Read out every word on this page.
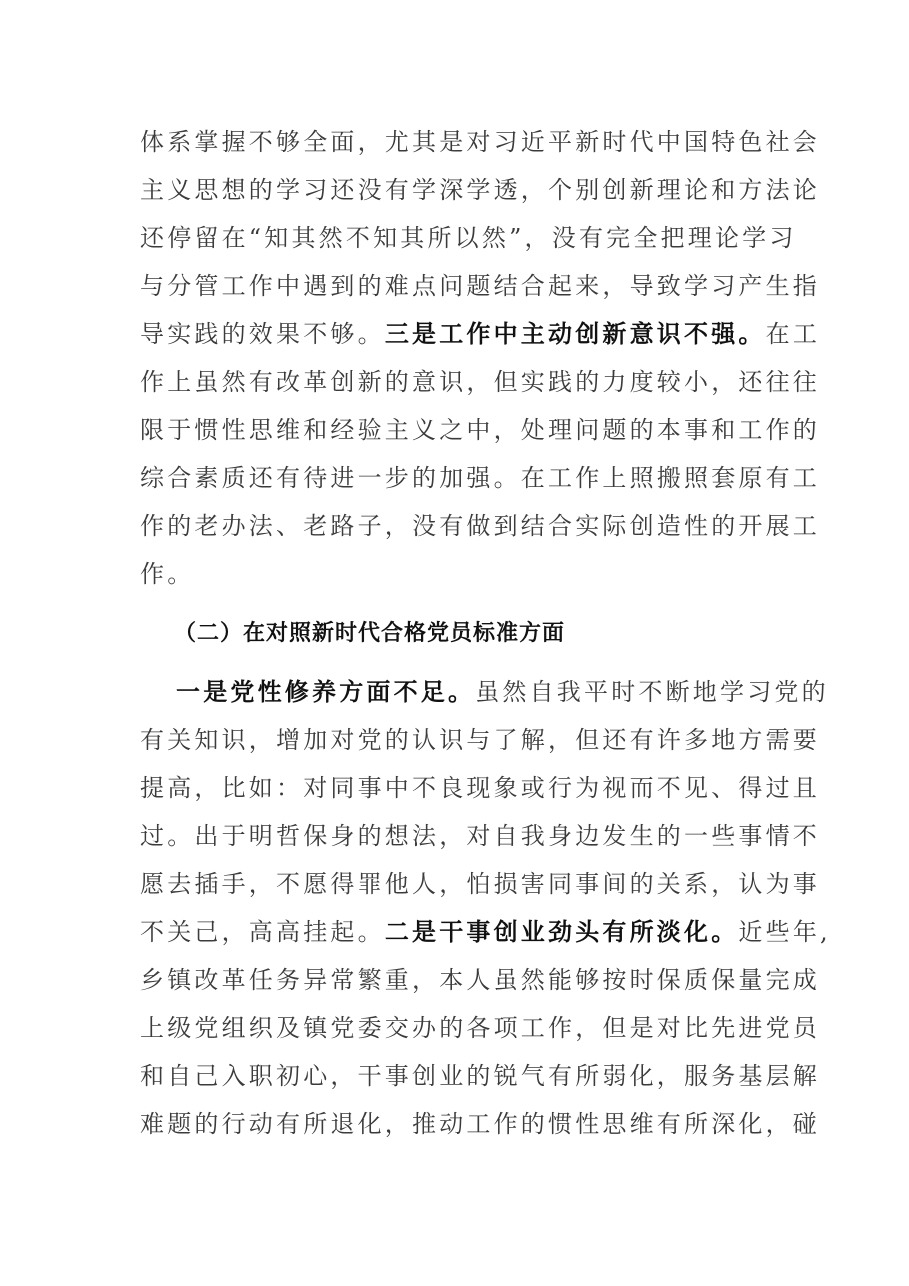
体系掌握不够全面，尤其是对习近平新时代中国特色社会
主义思想的学习还没有学深学透，个别创新理论和方法论
还停留在“知其然不知其所以然”，没有完全把理论学习
与分管工作中遇到的难点问题结合起来，导致学习产生指
导实践的效果不够。三是工作中主动创新意识不强。在工
作上虽然有改革创新的意识，但实践的力度较小，还往往
限于惯性思维和经验主义之中，处理问题的本事和工作的
综合素质还有待进一步的加强。在工作上照搬照套原有工
作的老办法、老路子，没有做到结合实际创造性的开展工
作。
（二）在对照新时代合格党员标准方面
一是党性修养方面不足。虽然自我平时不断地学习党的
有关知识，增加对党的认识与了解，但还有许多地方需要
提高，比如：对同事中不良现象或行为视而不见、得过且
过。出于明哲保身的想法，对自我身边发生的一些事情不
愿去插手，不愿得罪他人，怕损害同事间的关系，认为事
不关己，高高挂起。二是干事创业劲头有所淡化。近些年,
乡镇改革任务异常繁重，本人虽然能够按时保质保量完成
上级党组织及镇党委交办的各项工作，但是对比先进党员
和自己入职初心，干事创业的锐气有所弱化，服务基层解
难题的行动有所退化，推动工作的惯性思维有所深化，碰
